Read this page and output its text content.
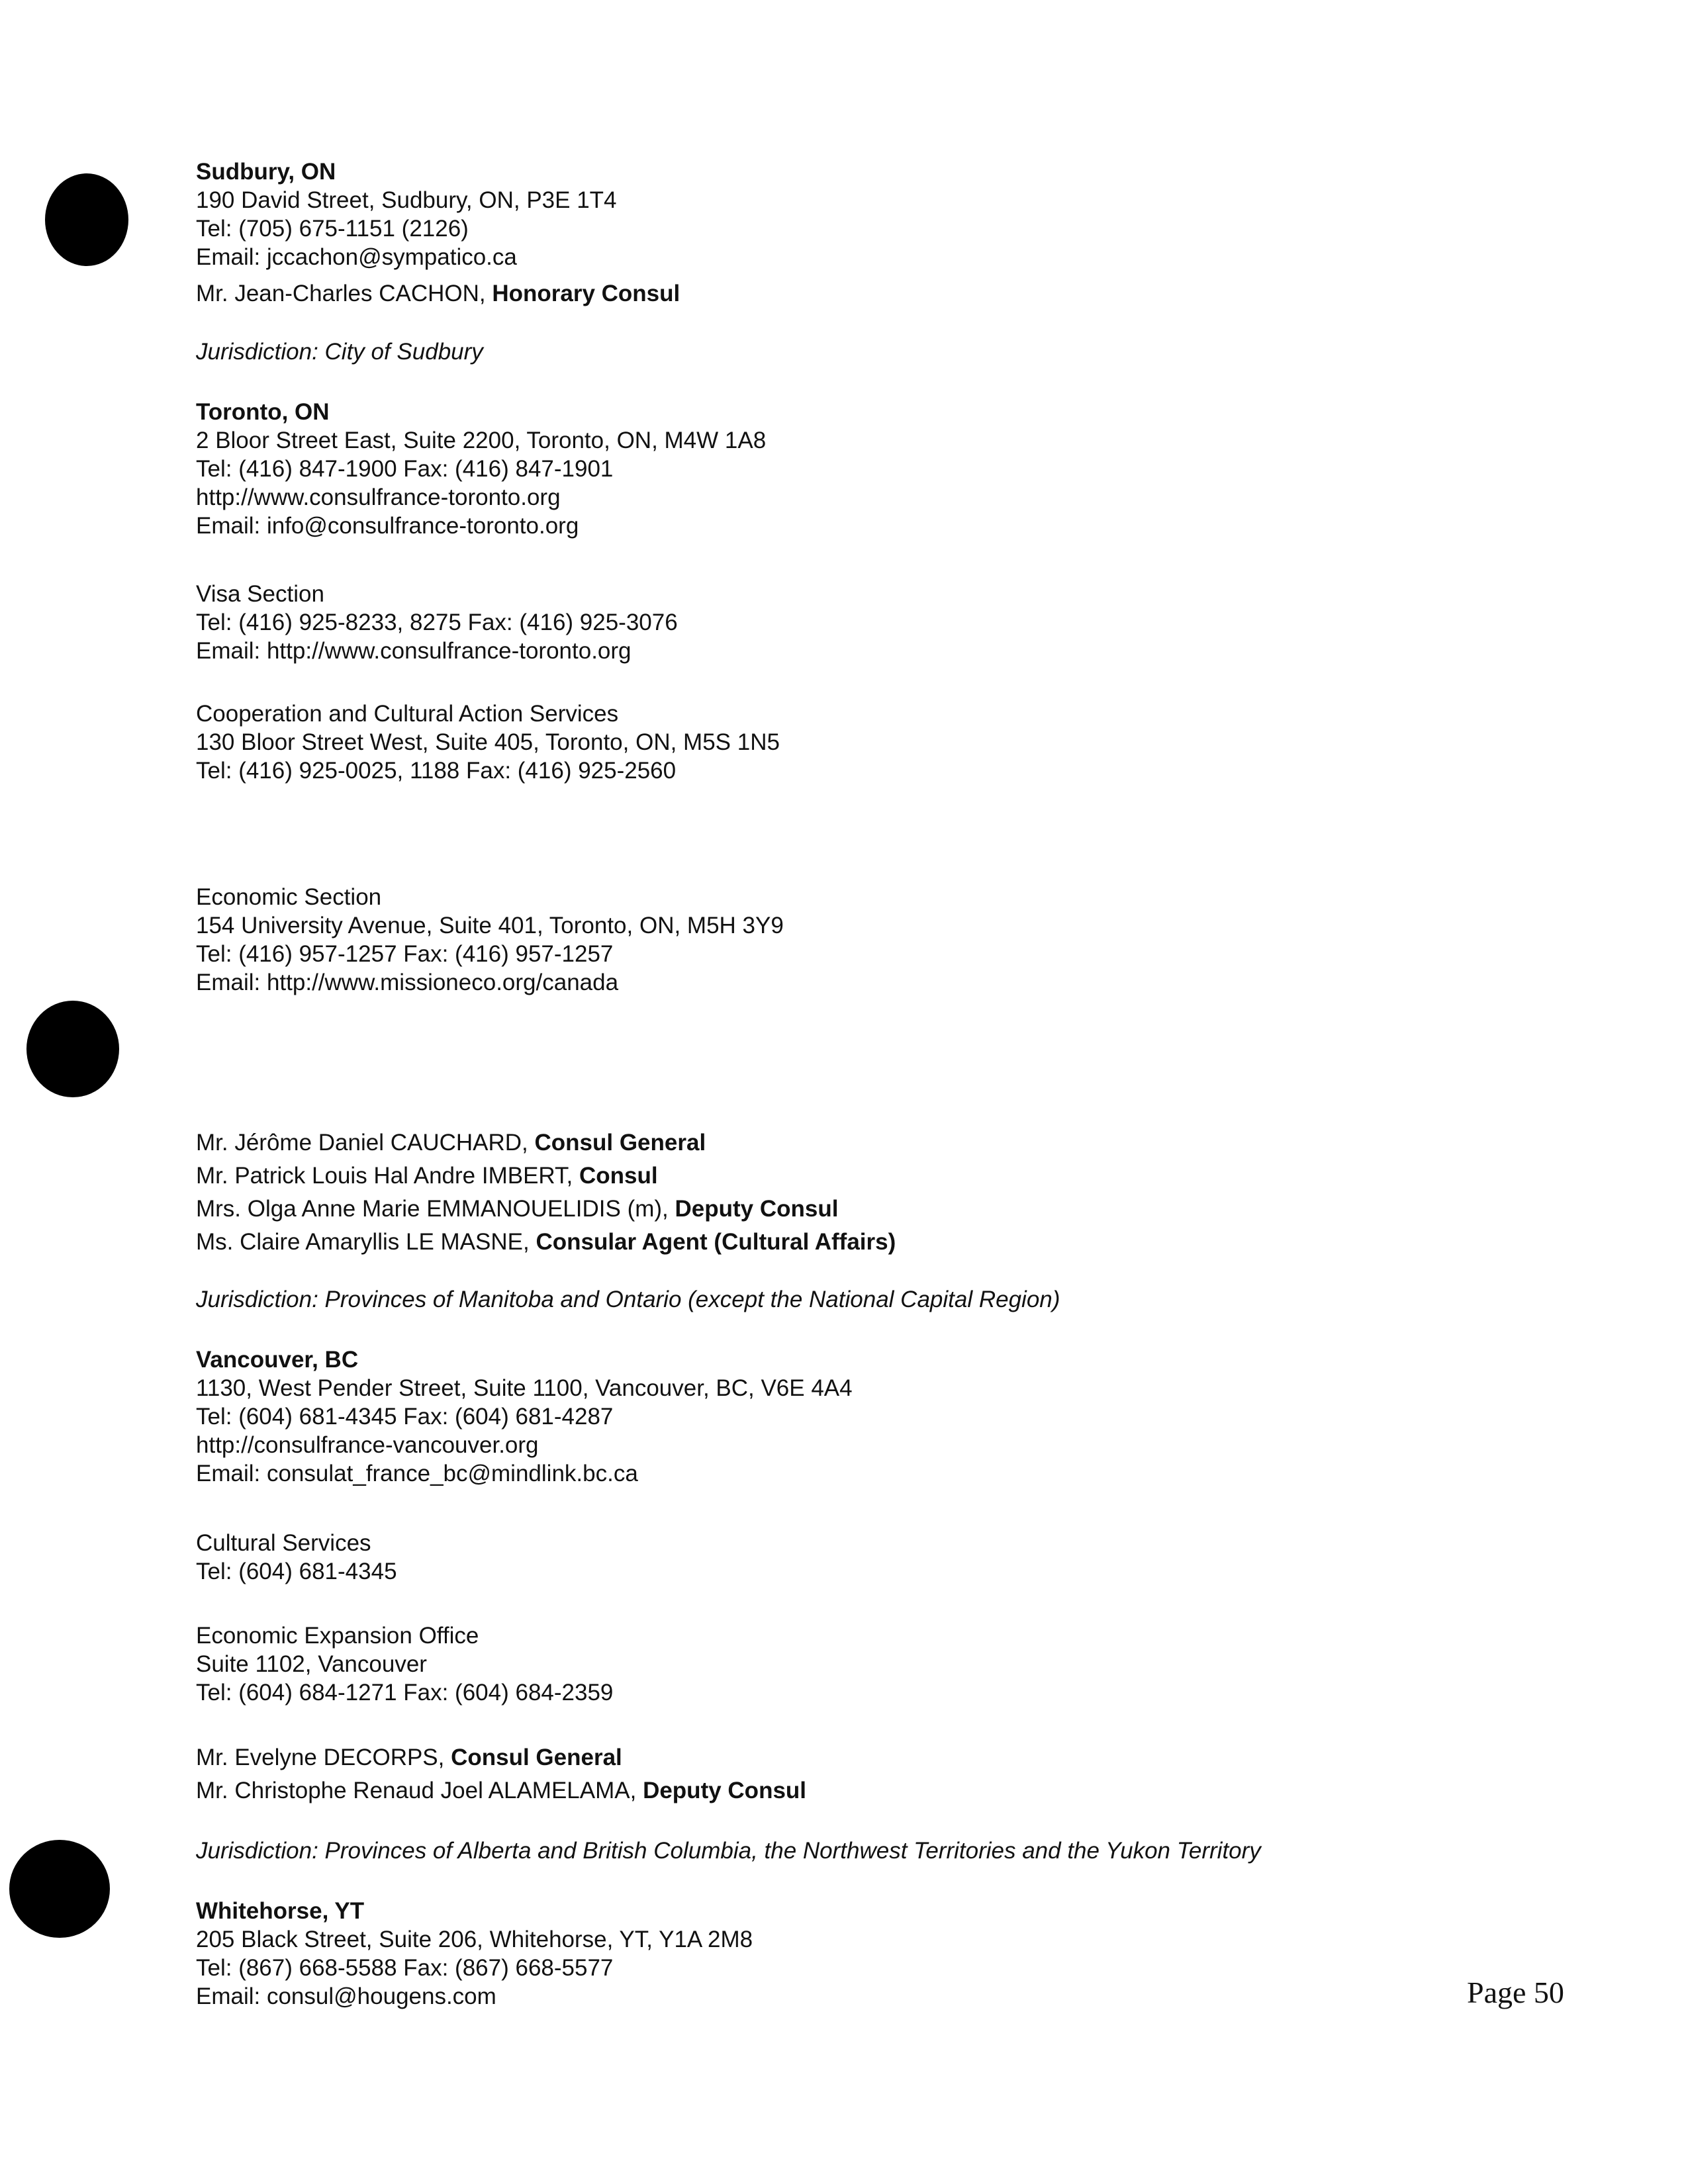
Sudbury, ON

190 David Street, Sudbury, ON, P3E 1T4

Tel: (705) 675-1151 (2126)

Email: jccachon@sympatico.ca

Mr. Jean-Charles CACHON, Honorary Consul

Jurisdiction: City of Sudbury

Toronto, ON

2 Bloor Street East, Suite 2200, Toronto, ON, M4W 1A8

Tel: (416) 847-1900 Fax: (416) 847-1901

http://www.consulfrance-toronto.org

Email: info@consulfrance-toronto.org

Visa Section

Tel: (416) 925-8233, 8275 Fax: (416) 925-3076

Email: http://www.consulfrance-toronto.org

Cooperation and Cultural Action Services

130 Bloor Street West, Suite 405, Toronto, ON, M5S 1N5

Tel: (416) 925-0025, 1188 Fax: (416) 925-2560

Economic Section

154 University Avenue, Suite 401, Toronto, ON, M5H 3Y9

Tel: (416) 957-1257 Fax: (416) 957-1257

Email: http://www.missioneco.org/canada

Mr. Jérôme Daniel CAUCHARD, Consul General

Mr. Patrick Louis Hal Andre IMBERT, Consul

Mrs. Olga Anne Marie EMMANOUELIDIS (m), Deputy Consul

Ms. Claire Amaryllis LE MASNE, Consular Agent (Cultural Affairs)

Jurisdiction: Provinces of Manitoba and Ontario (except the National Capital Region)

Vancouver, BC

1130, West Pender Street, Suite 1100, Vancouver, BC, V6E 4A4

Tel: (604) 681-4345 Fax: (604) 681-4287

http://consulfrance-vancouver.org

Email: consulat_france_bc@mindlink.bc.ca

Cultural Services

Tel: (604) 681-4345

Economic Expansion Office

Suite 1102, Vancouver

Tel: (604) 684-1271 Fax: (604) 684-2359

Mr. Evelyne DECORPS, Consul General

Mr. Christophe Renaud Joel ALAMELAMA, Deputy Consul

Jurisdiction: Provinces of Alberta and British Columbia, the Northwest Territories and the Yukon Territory

Whitehorse, YT

205 Black Street, Suite 206, Whitehorse, YT, Y1A 2M8

Tel: (867) 668-5588 Fax: (867) 668-5577

Email: consul@hougens.com	Page 50
